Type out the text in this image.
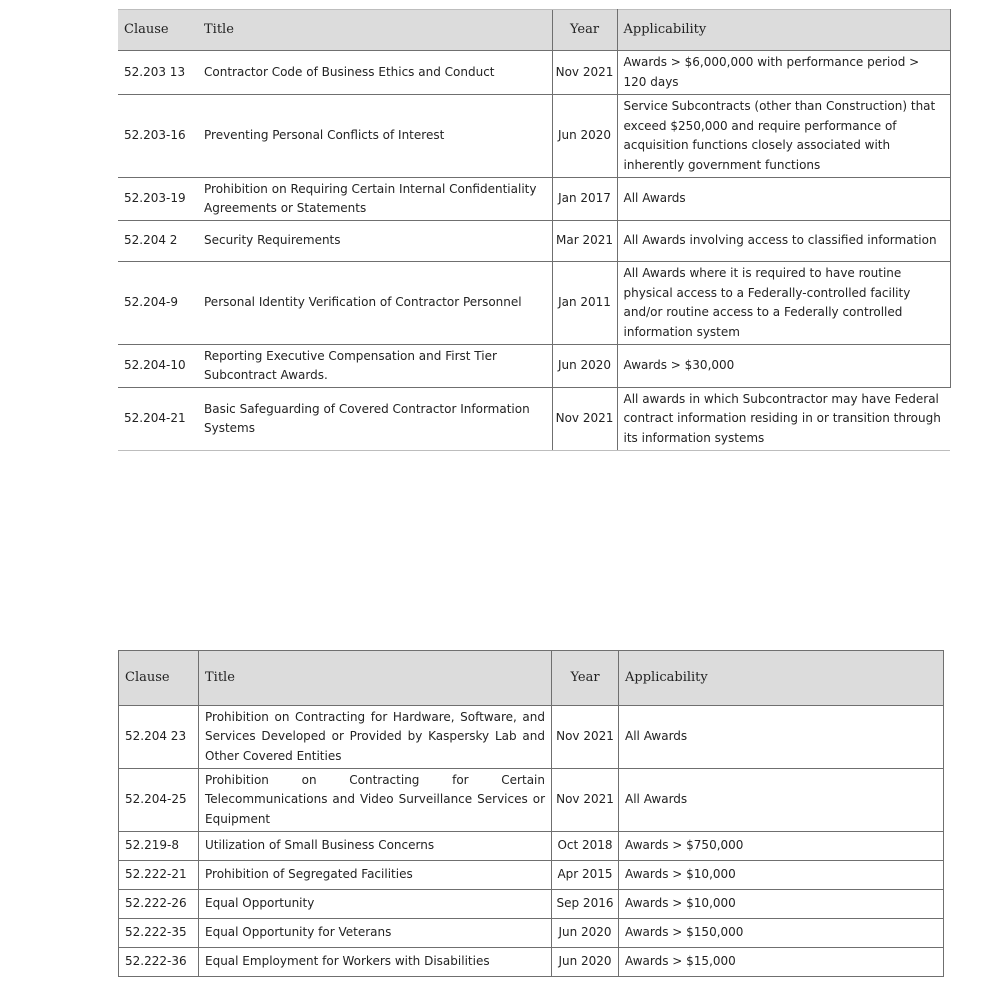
Clause	Title	Year	Applicability
52.203 13	Contractor Code of Business Ethics and Conduct	Nov 2021	Awards > $6,000,000 with performance period > 120 days
52.203-16	Preventing Personal Conflicts of Interest	Jun 2020	Service Subcontracts (other than Construction) that exceed $250,000 and require performance of acquisition functions closely associated with inherently government functions
52.203-19	Prohibition on Requiring Certain Internal Confidentiality Agreements or Statements	Jan 2017	All Awards
52.204 2	Security Requirements	Mar 2021	All Awards involving access to classified information
52.204-9	Personal Identity Verification of Contractor Personnel	Jan 2011	All Awards where it is required to have routine physical access to a Federally-controlled facility and/or routine access to a Federally controlled information system
52.204-10	Reporting Executive Compensation and First Tier Subcontract Awards.	Jun 2020	Awards > $30,000
52.204-21	Basic Safeguarding of Covered Contractor Information Systems	Nov 2021	All awards in which Subcontractor may have Federal contract information residing in or transition through its information systems
Clause	Title	Year	Applicability
52.204 23	Prohibition on Contracting for Hardware, Software, and Services Developed or Provided by Kaspersky Lab and Other Covered Entities	Nov 2021	All Awards
52.204-25	Prohibition on Contracting for Certain Telecommunications and Video Surveillance Services or Equipment	Nov 2021	All Awards
52.219-8	Utilization of Small Business Concerns	Oct 2018	Awards > $750,000
52.222-21	Prohibition of Segregated Facilities	Apr 2015	Awards > $10,000
52.222-26	Equal Opportunity	Sep 2016	Awards > $10,000
52.222-35	Equal Opportunity for Veterans	Jun 2020	Awards > $150,000
52.222-36	Equal Employment for Workers with Disabilities	Jun 2020	Awards > $15,000
